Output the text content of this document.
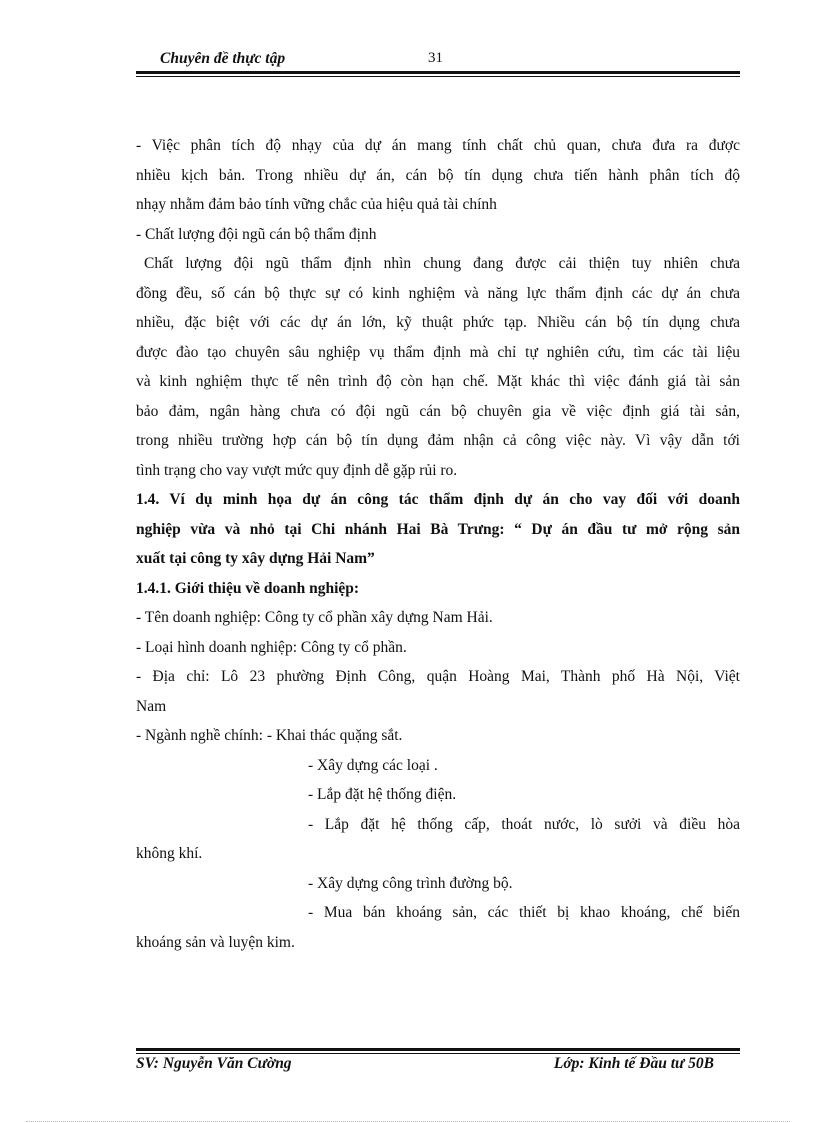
Chuyên đề thực tập	31
- Việc phân tích độ nhạy của dự án mang tính chất chủ quan, chưa đưa ra được
nhiều kịch bản. Trong nhiều dự án, cán bộ tín dụng chưa tiến hành phân tích độ
nhạy nhằm đảm bảo tính vững chắc của hiệu quả tài chính
- Chất lượng đội ngũ cán bộ thẩm định
Chất lượng đội ngũ thẩm định nhìn chung đang được cải thiện tuy nhiên chưa
đồng đều, số cán bộ thực sự có kinh nghiệm và năng lực thẩm định các dự án chưa
nhiều, đặc biệt với các dự án lớn, kỹ thuật phức tạp. Nhiều cán bộ tín dụng chưa
được đào tạo chuyên sâu nghiệp vụ thẩm định mà chỉ tự nghiên cứu, tìm các tài liệu
và kinh nghiệm thực tế nên trình độ còn hạn chế. Mặt khác thì việc đánh giá tài sản
bảo đảm, ngân hàng chưa có đội ngũ cán bộ chuyên gia về việc định giá tài sản,
trong nhiều trường hợp cán bộ tín dụng đảm nhận cả công việc này. Vì vậy dẫn tới
tình trạng cho vay vượt mức quy định dễ gặp rủi ro.
1.4. Ví dụ minh họa dự án công tác thẩm định dự án cho vay đối với doanh
nghiệp vừa và nhỏ tại Chi nhánh Hai Bà Trưng: “ Dự án đầu tư mở rộng sản
xuất tại công ty xây dựng Hải Nam”
1.4.1. Giới thiệu về doanh nghiệp:
- Tên doanh nghiệp: Công ty cổ phần xây dựng Nam Hải.
- Loại hình doanh nghiệp: Công ty cổ phần.
- Địa chỉ: Lô 23 phường Định Công, quận Hoàng Mai, Thành phố Hà Nội, Việt
Nam
- Ngành nghề chính: - Khai thác quặng sắt.
- Xây dựng các loại .
- Lắp đặt hệ thống điện.
- Lắp đặt hệ thống cấp, thoát nước, lò sưởi và điều hòa
không khí.
- Xây dựng công trình đường bộ.
- Mua bán khoáng sản, các thiết bị khao khoáng, chế biến
khoáng sản và luyện kim.
SV: Nguyễn Văn Cường	Lớp: Kinh tế Đầu tư 50B
